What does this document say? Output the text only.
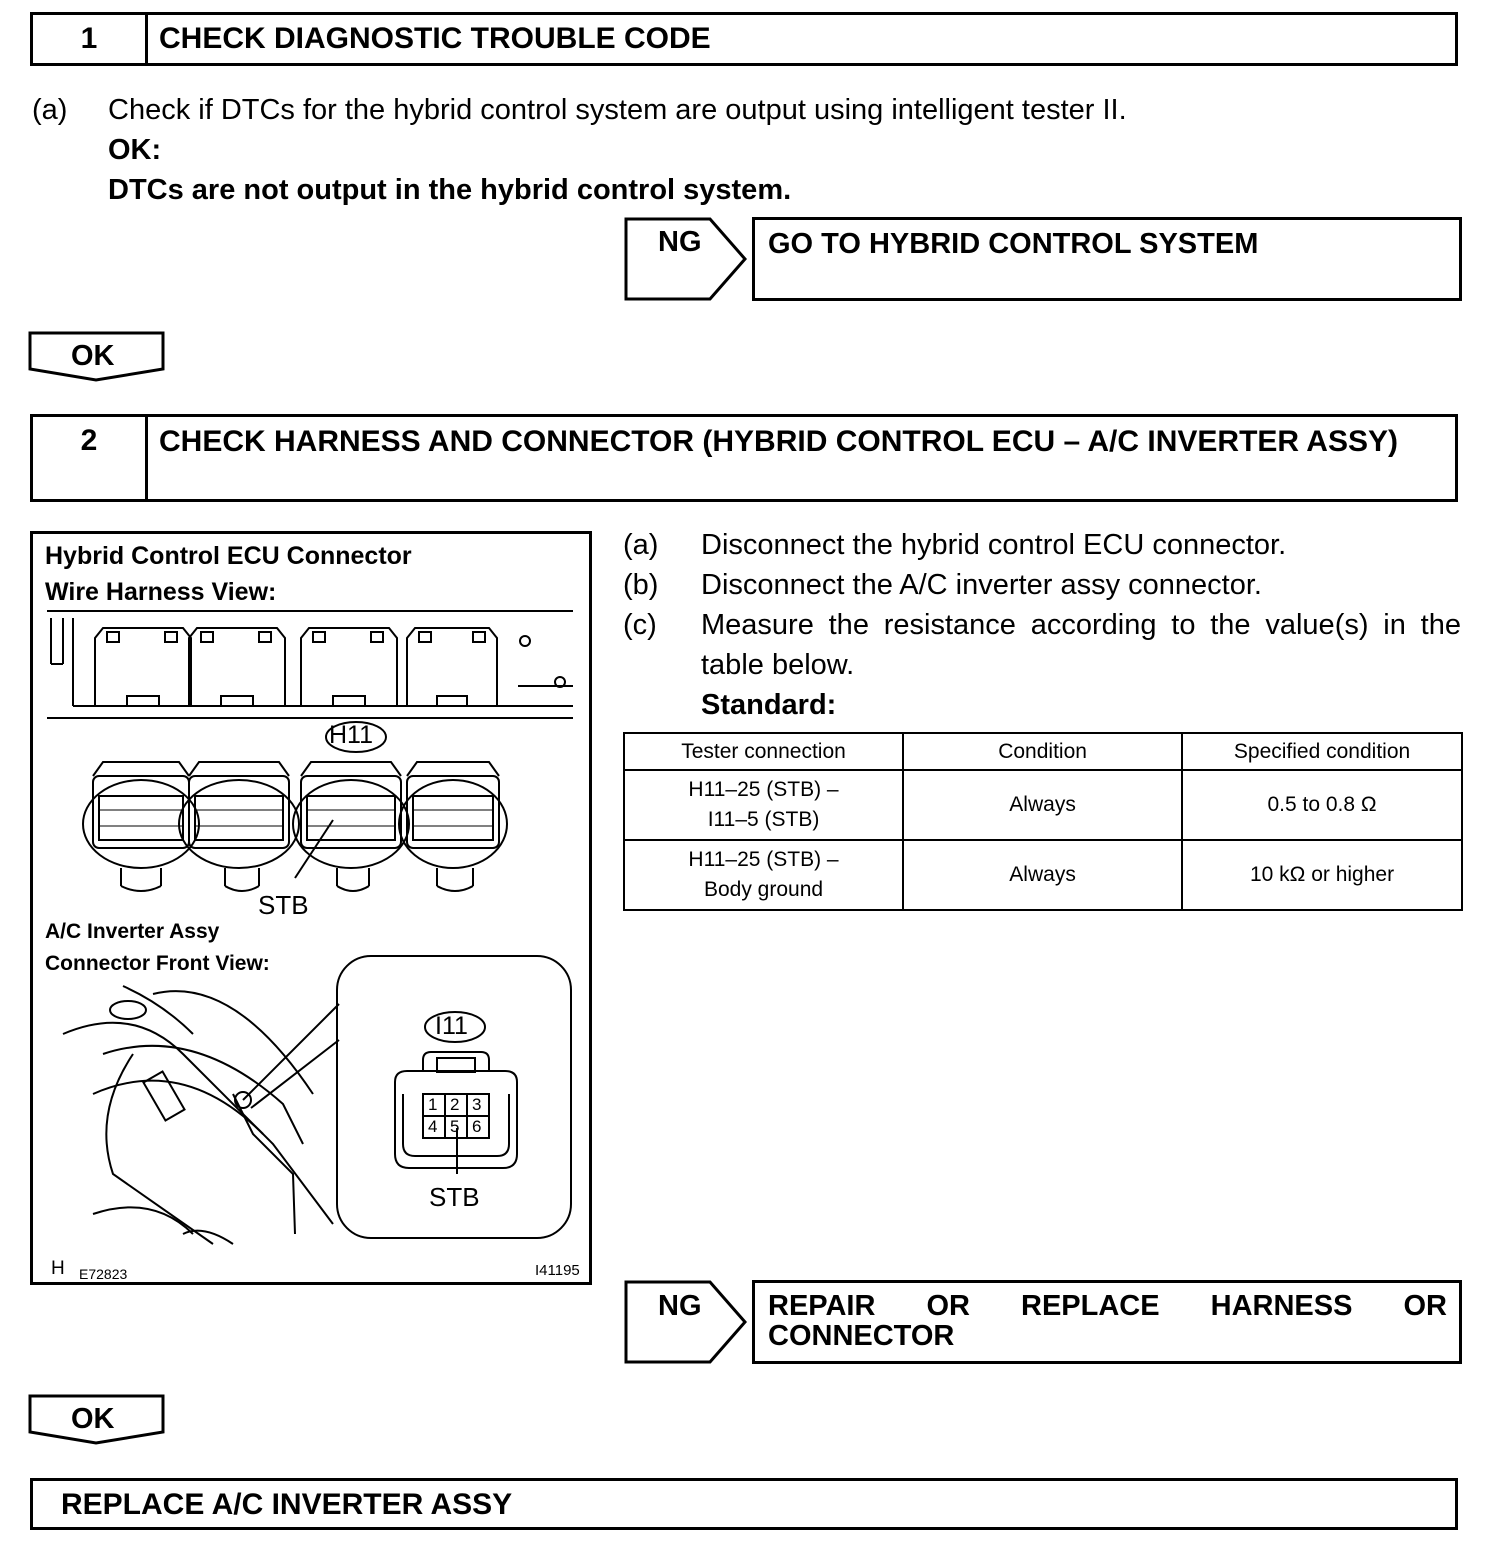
1	CHECK DIAGNOSTIC TROUBLE CODE
(a) Check if DTCs for the hybrid control system are output using intelligent tester II.
OK:
DTCs are not output in the hybrid control system.
NG GO TO HYBRID CONTROL SYSTEM
OK
2	CHECK HARNESS AND CONNECTOR (HYBRID CONTROL ECU – A/C INVERTER ASSY)
Hybrid Control ECU Connector
Wire Harness View:
H11
STB
A/C Inverter Assy
Connector Front View:
I11
1 2 3
4 5 6
STB
H E72823	I41195
(a) Disconnect the hybrid control ECU connector.
(b) Disconnect the A/C inverter assy connector.
(c) Measure the resistance according to the value(s) in the table below.
Standard:
Tester connection	Condition	Specified condition

H11–25 (STB) –
I11–5 (STB)	Always	0.5 to 0.8 Ω

H11–25 (STB) –
Body ground	Always	10 kΩ or higher
NG REPAIR OR REPLACE HARNESS OR CONNECTOR
OK
REPLACE A/C INVERTER ASSY
